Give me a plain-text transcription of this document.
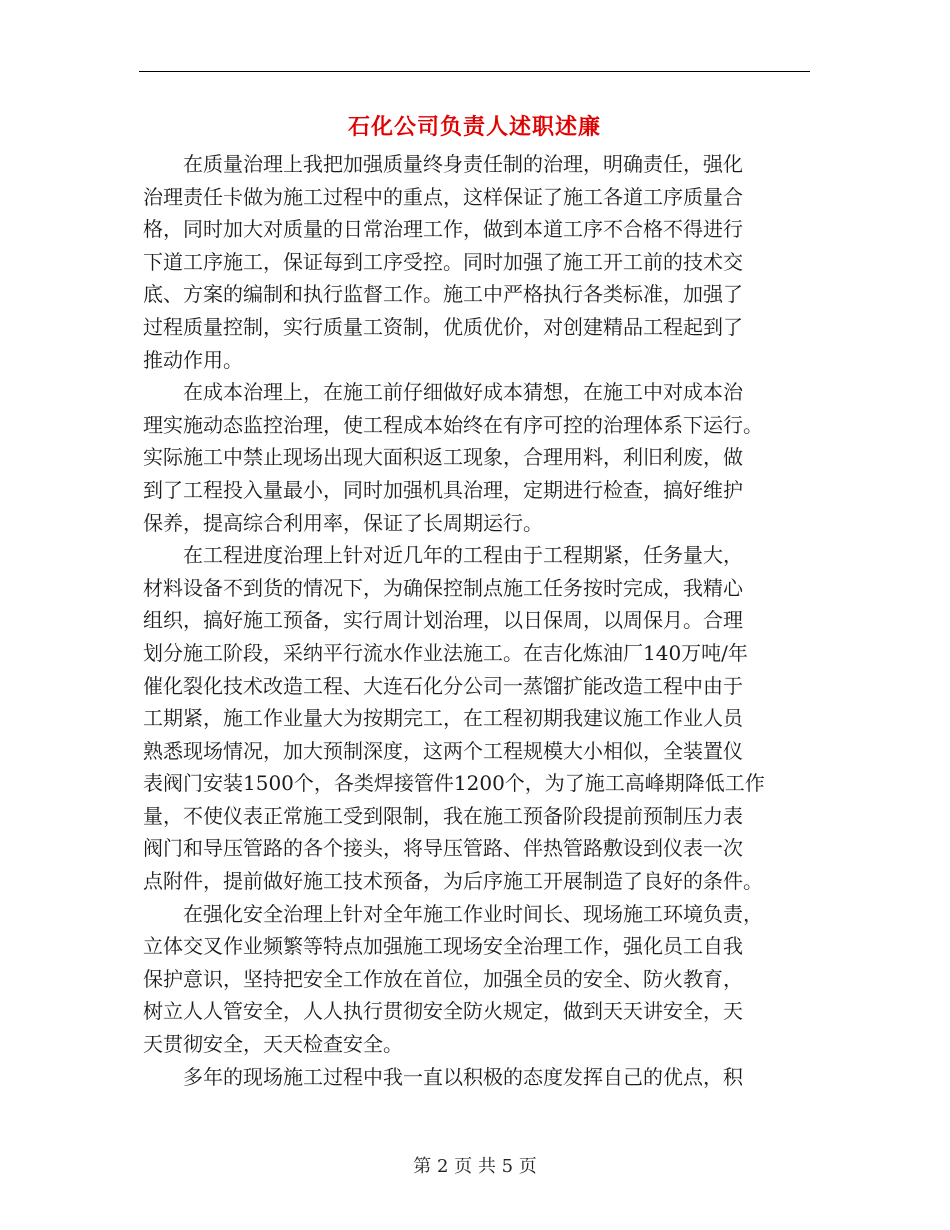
石化公司负责人述职述廉

　　在质量治理上我把加强质量终身责任制的治理，明确责任，强化
治理责任卡做为施工过程中的重点，这样保证了施工各道工序质量合
格，同时加大对质量的日常治理工作，做到本道工序不合格不得进行
下道工序施工，保证每到工序受控。同时加强了施工开工前的技术交
底、方案的编制和执行监督工作。施工中严格执行各类标准，加强了
过程质量控制，实行质量工资制，优质优价，对创建精品工程起到了
推动作用。

　　在成本治理上，在施工前仔细做好成本猜想，在施工中对成本治
理实施动态监控治理，使工程成本始终在有序可控的治理体系下运行。
实际施工中禁止现场出现大面积返工现象，合理用料，利旧利废，做
到了工程投入量最小，同时加强机具治理，定期进行检查，搞好维护
保养，提高综合利用率，保证了长周期运行。

　　在工程进度治理上针对近几年的工程由于工程期紧，任务量大，
材料设备不到货的情况下，为确保控制点施工任务按时完成，我精心
组织，搞好施工预备，实行周计划治理，以日保周，以周保月。合理
划分施工阶段，采纳平行流水作业法施工。在吉化炼油厂140万吨/年
催化裂化技术改造工程、大连石化分公司一蒸馏扩能改造工程中由于
工期紧，施工作业量大为按期完工，在工程初期我建议施工作业人员
熟悉现场情况，加大预制深度，这两个工程规模大小相似，全装置仪
表阀门安装1500个，各类焊接管件1200个，为了施工高峰期降低工作
量，不使仪表正常施工受到限制，我在施工预备阶段提前预制压力表
阀门和导压管路的各个接头，将导压管路、伴热管路敷设到仪表一次
点附件，提前做好施工技术预备，为后序施工开展制造了良好的条件。

　　在强化安全治理上针对全年施工作业时间长、现场施工环境负责，
立体交叉作业频繁等特点加强施工现场安全治理工作，强化员工自我
保护意识，坚持把安全工作放在首位，加强全员的安全、防火教育，
树立人人管安全，人人执行贯彻安全防火规定，做到天天讲安全，天
天贯彻安全，天天检查安全。

　　多年的现场施工过程中我一直以积极的态度发挥自己的优点，积

第 2 页 共 5 页
